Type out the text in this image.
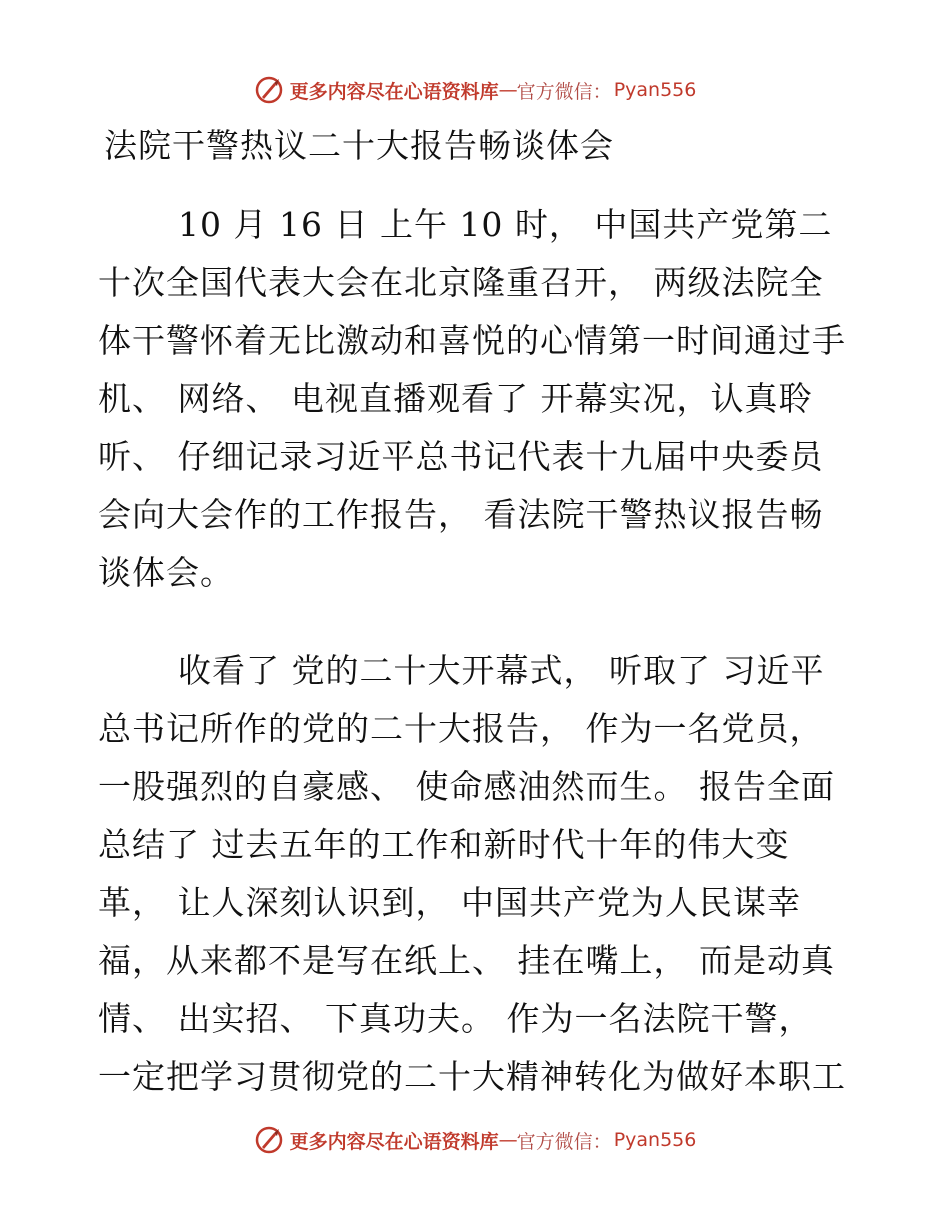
更多内容尽在心语资料库 — 官方微信： Pyan556
法院干警热议二十大报告畅谈体会
10 月 16 日 上午 10 时， 中国共产党第二
十次全国代表大会在北京隆重召开， 两级法院全
体干警怀着无比激动和喜悦的心情第一时间通过手
机、 网络、 电视直播观看了 开幕实况，认真聆
听、 仔细记录习近平总书记代表十九届中央委员
会向大会作的工作报告， 看法院干警热议报告畅
谈体会。
收看了 党的二十大开幕式， 听取了 习近平
总书记所作的党的二十大报告， 作为一名党员，
一股强烈的自豪感、 使命感油然而生。 报告全面
总结了 过去五年的工作和新时代十年的伟大变
革， 让人深刻认识到， 中国共产党为人民谋幸
福，从来都不是写在纸上、 挂在嘴上， 而是动真
情、 出实招、 下真功夫。 作为一名法院干警，
一定把学习贯彻党的二十大精神转化为做好本职工
更多内容尽在心语资料库 — 官方微信： Pyan556
